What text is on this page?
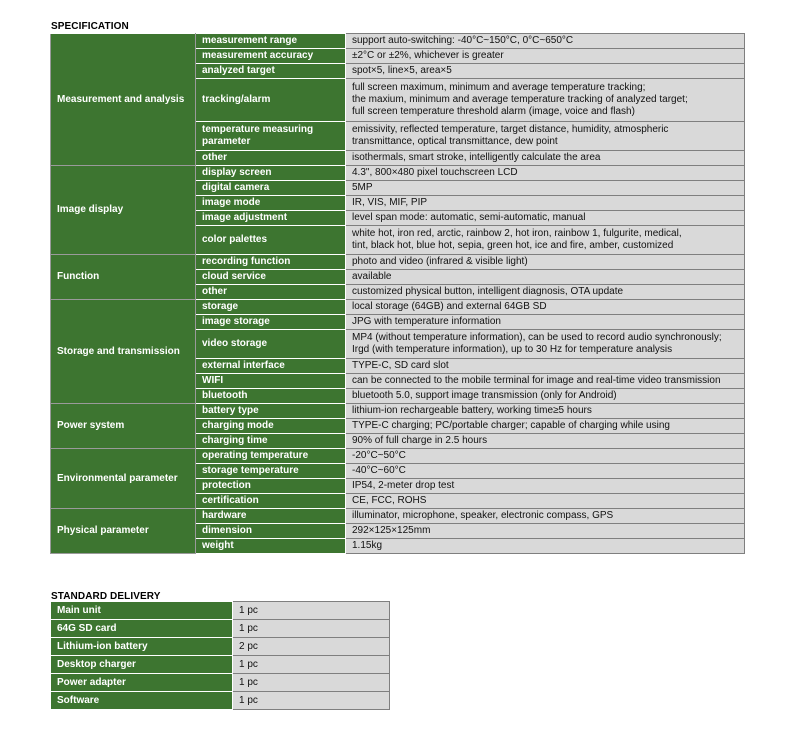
SPECIFICATION
Measurement and analysis	measurement range	support auto-switching: -40°C~150°C, 0°C~650°C
	measurement accuracy	±2°C or ±2%, whichever is greater
	analyzed target	spot×5, line×5, area×5
	tracking/alarm	full screen maximum, minimum and average temperature tracking;
the maxium, minimum and average temperature tracking of analyzed target;
full screen temperature threshold alarm (image, voice and flash)
	temperature measuring
parameter	emissivity, reflected temperature, target distance, humidity, atmospheric
transmittance, optical transmittance, dew point
	other	isothermals, smart stroke, intelligently calculate the area
Image display	display screen	4.3", 800×480 pixel touchscreen LCD
	digital camera	5MP
	image mode	IR, VIS, MIF, PIP
	image adjustment	level span mode: automatic, semi-automatic, manual
	color palettes	white hot, iron red, arctic, rainbow 2, hot iron, rainbow 1, fulgurite, medical,
tint, black hot, blue hot, sepia, green hot, ice and fire, amber, customized
Function	recording function	photo and video (infrared & visible light)
	cloud service	available
	other	customized physical button, intelligent diagnosis, OTA update
Storage and transmission	storage	local storage (64GB) and external 64GB SD
	image storage	JPG with temperature information
	video storage	MP4 (without temperature information), can be used to record audio synchronously;
Irgd (with temperature information), up to 30 Hz for temperature analysis
	external interface	TYPE-C, SD card slot
	WIFI	can be connected to the mobile terminal for image and real-time video transmission
	bluetooth	bluetooth 5.0, support image transmission (only for Android)
Power system	battery type	lithium-ion rechargeable battery, working time≥5 hours
	charging mode	TYPE-C charging; PC/portable charger; capable of charging while using
	charging time	90% of full charge in 2.5 hours
Environmental parameter	operating temperature	-20°C~50°C
	storage temperature	-40°C~60°C
	protection	IP54, 2-meter drop test
	certification	CE, FCC, ROHS
Physical parameter	hardware	illuminator, microphone, speaker, electronic compass, GPS
	dimension	292×125×125mm
	weight	1.15kg
STANDARD DELIVERY
Main unit	1 pc
64G SD card	1 pc
Lithium-ion battery	2 pc
Desktop charger	1 pc
Power adapter	1 pc
Software	1 pc
